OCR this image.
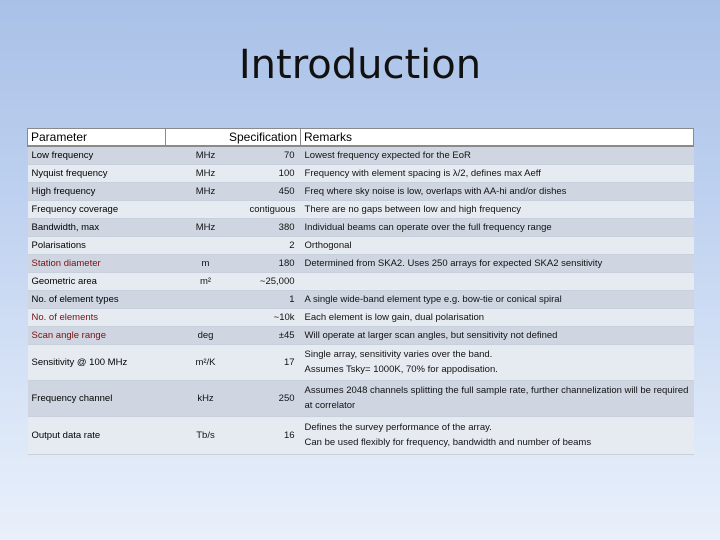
Introduction
Parameter	Specification		Remarks
Low frequency	MHz	70	Lowest frequency expected for the EoR

Nyquist frequency	MHz	100	Frequency with element spacing is λ/2, defines max Aeff

High frequency	MHz	450	Freq where sky noise is low, overlaps with AA-hi and/or dishes

Frequency coverage		contiguous	There are no gaps between low and high frequency

Bandwidth, max	MHz	380	Individual beams can operate over the full frequency range

Polarisations		2	Orthogonal

Station diameter	m	180	Determined from SKA2. Uses 250 arrays for expected SKA2 sensitivity

Geometric area	m²	~25,000	

No. of element types		1	A single wide-band element type e.g. bow-tie or conical spiral

No. of elements		~10k	Each element is low gain, dual polarisation

Scan angle range	deg	±45	Will operate at larger scan angles, but sensitivity not defined

Sensitivity @ 100 MHz	m²/K	17	Single array, sensitivity varies over the band.
Assumes Tsky= 1000K, 70% for appodisation.

Frequency channel	kHz	250	Assumes 2048 channels splitting the full sample rate, further channelization will be required at correlator

Output data rate	Tb/s	16	Defines the survey performance of the array.
Can be used flexibly for frequency, bandwidth and number of beams
